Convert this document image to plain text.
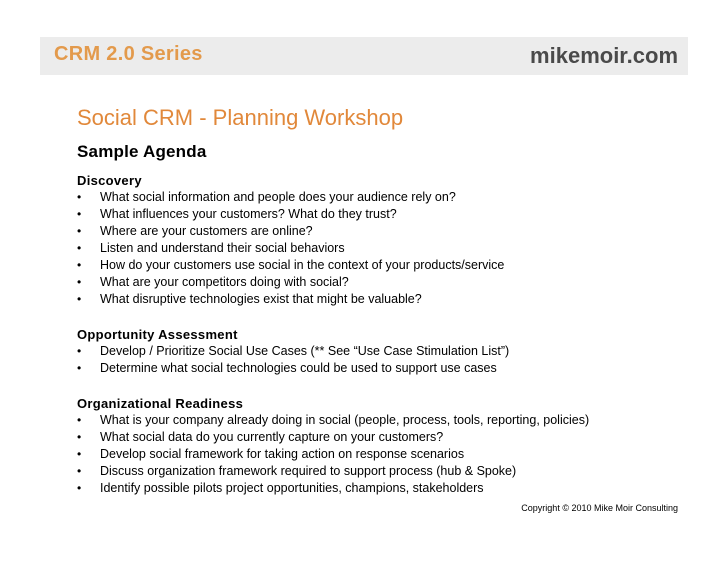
CRM 2.0 Series	mikemoir.com
Social CRM - Planning Workshop
Sample Agenda
Discovery
• What social information and people does your audience rely on?
• What influences your customers? What do they trust?
• Where are your customers are online?
• Listen and understand their social behaviors
• How do your customers use social in the context of your products/service
• What are your competitors doing with social?
• What disruptive technologies exist that might be valuable?
Opportunity Assessment
• Develop / Prioritize Social Use Cases (** See “Use Case Stimulation List”)
• Determine what social technologies could be used to support use cases
Organizational Readiness
• What is your company already doing in social (people, process, tools, reporting, policies)
• What social data do you currently capture on your customers?
• Develop social framework for taking action on response scenarios
• Discuss organization framework required to support process (hub & Spoke)
• Identify possible pilots project opportunities, champions, stakeholders
Copyright © 2010 Mike Moir Consulting
